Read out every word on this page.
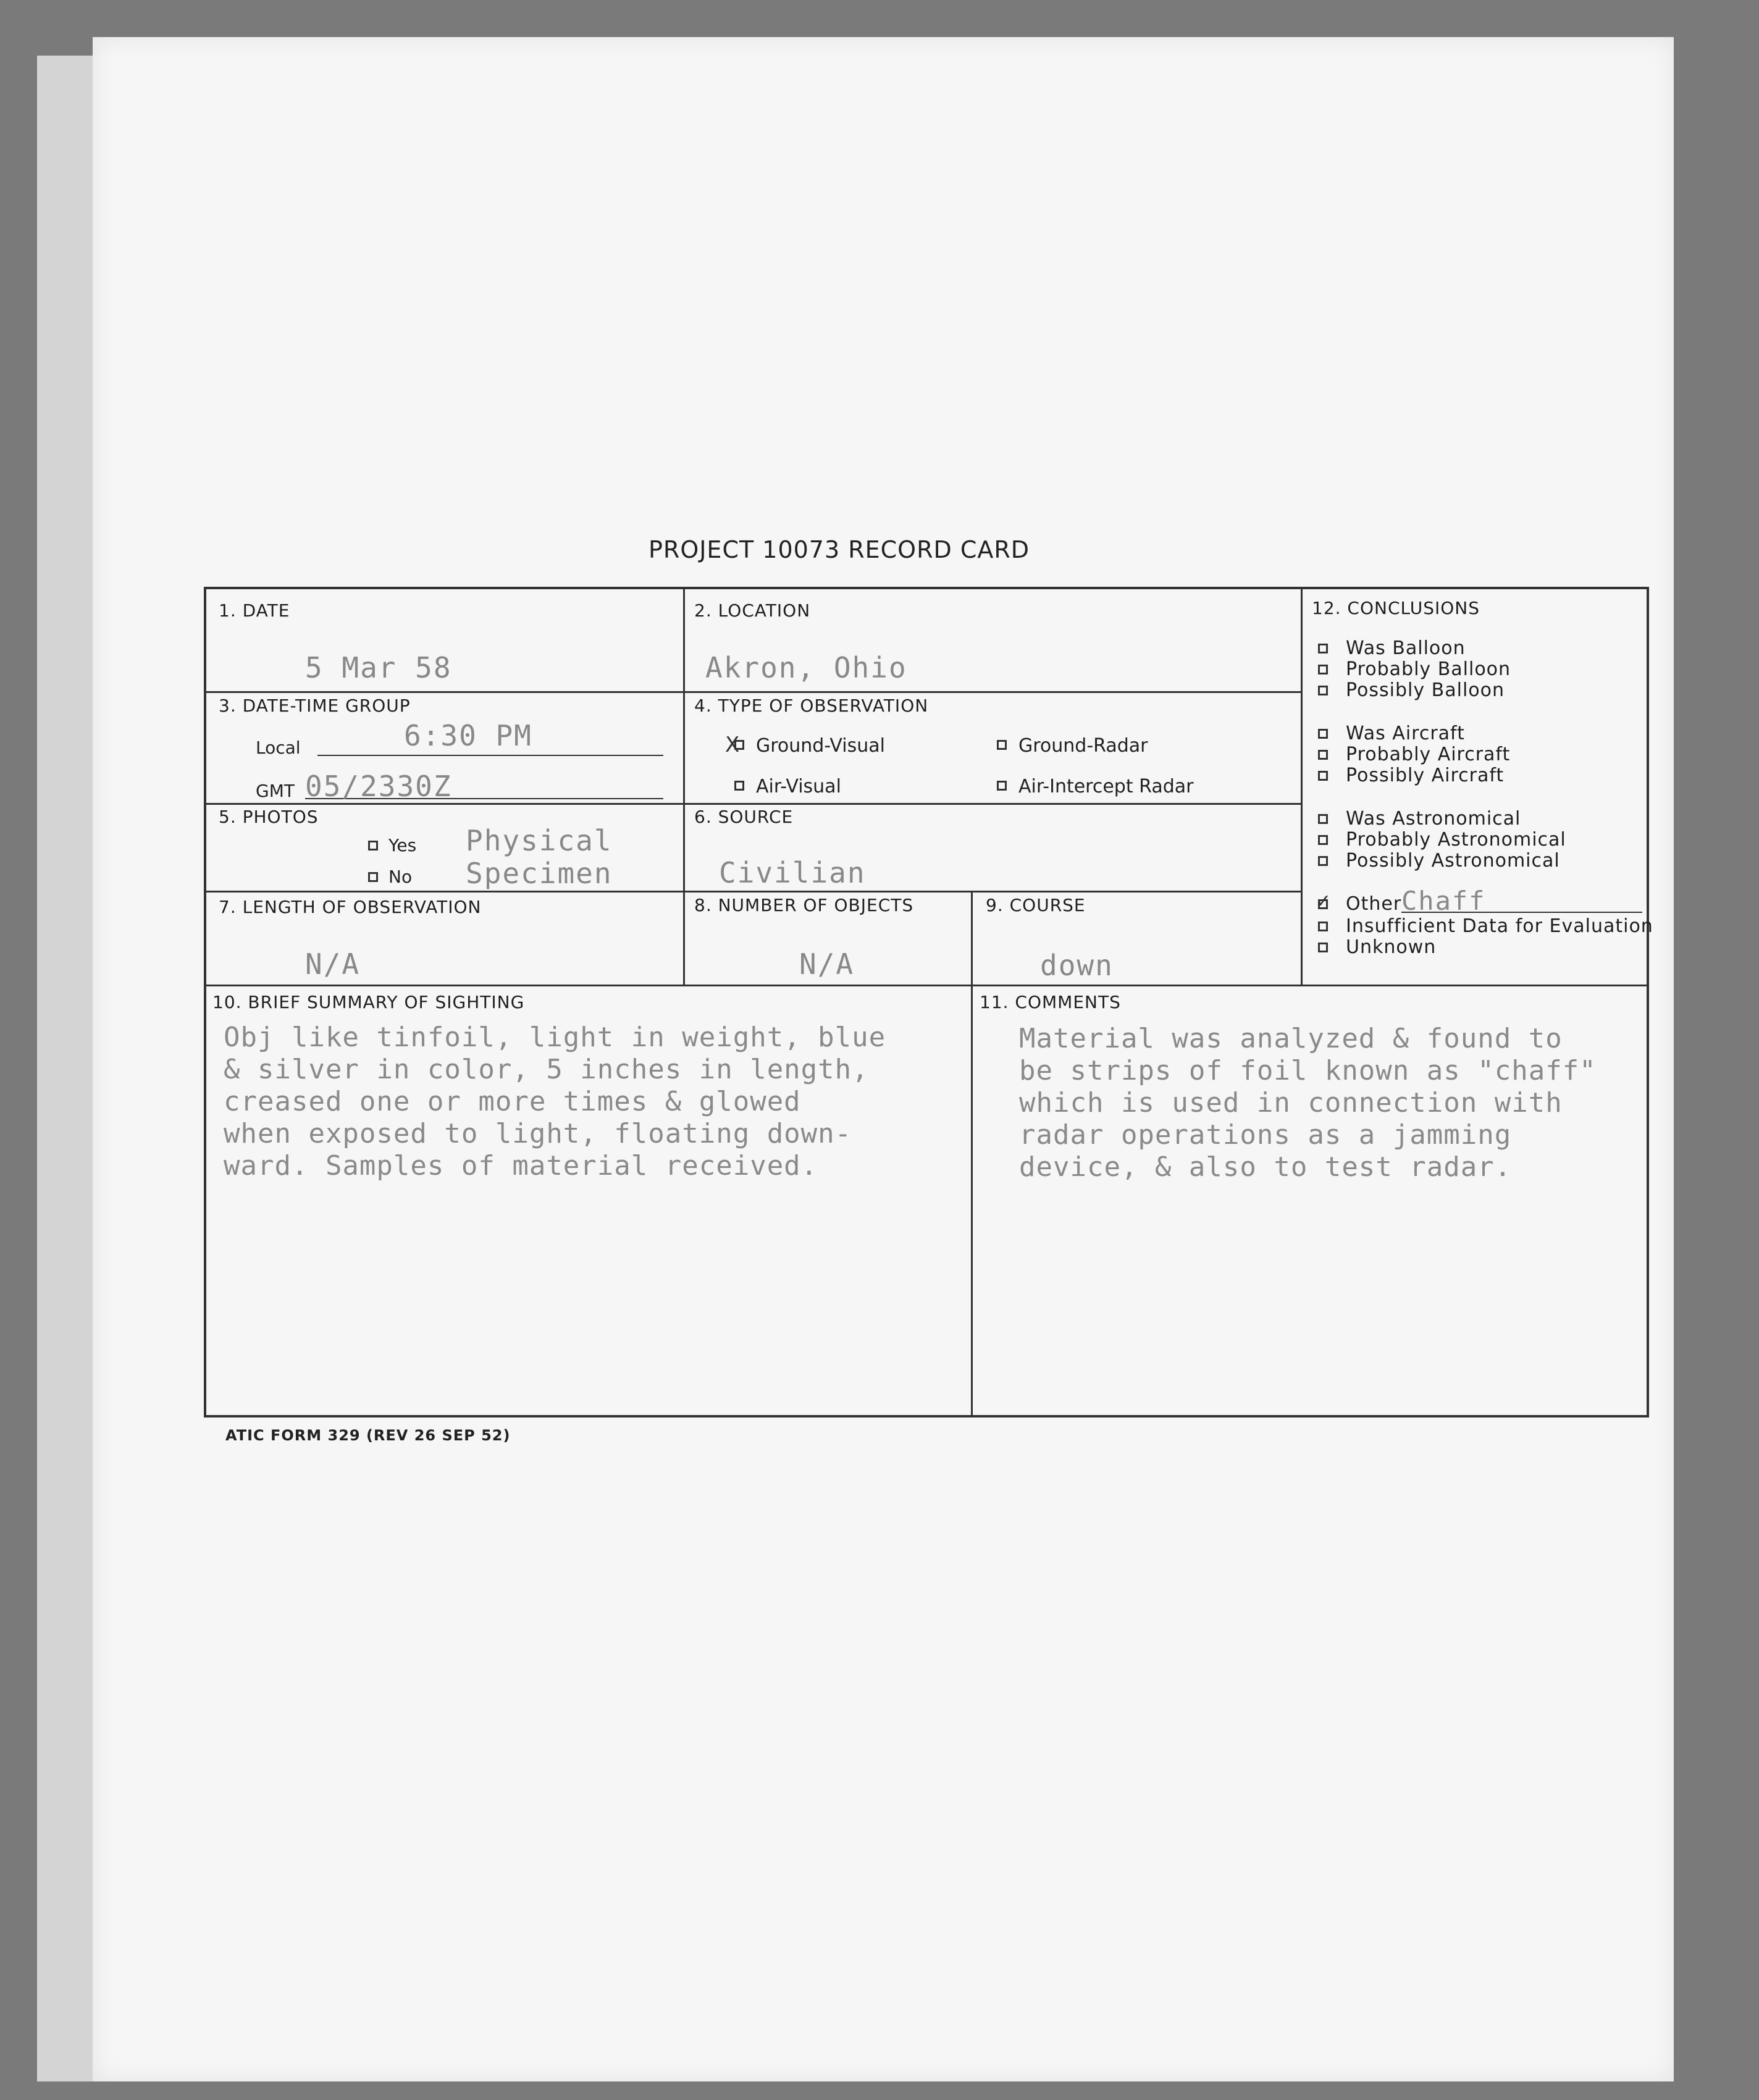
PROJECT 10073 RECORD CARD
1. DATE
5 Mar 58
2. LOCATION
Akron, Ohio
3. DATE-TIME GROUP
Local	6:30 PM
GMT 05/2330Z
4. TYPE OF OBSERVATION
X Ground-Visual	Ground-Radar
Air-Visual	Air-Intercept Radar
5. PHOTOS
Yes
No
Physical
Specimen
6. SOURCE
Civilian
7. LENGTH OF OBSERVATION
N/A
8. NUMBER OF OBJECTS
N/A
9. COURSE
down
12. CONCLUSIONS
Was Balloon
Probably Balloon
Possibly Balloon
Was Aircraft
Probably Aircraft
Possibly Aircraft
Was Astronomical
Probably Astronomical
Possibly Astronomical
✓ Other Chaff
Insufficient Data for Evaluation
Unknown
10. BRIEF SUMMARY OF SIGHTING
Obj like tinfoil, light in weight, blue
& silver in color, 5 inches in length,
creased one or more times & glowed
when exposed to light, floating down-
ward. Samples of material received.
11. COMMENTS
Material was analyzed & found to
be strips of foil known as "chaff"
which is used in connection with
radar operations as a jamming
device, & also to test radar.
ATIC FORM 329 (REV 26 SEP 52)
